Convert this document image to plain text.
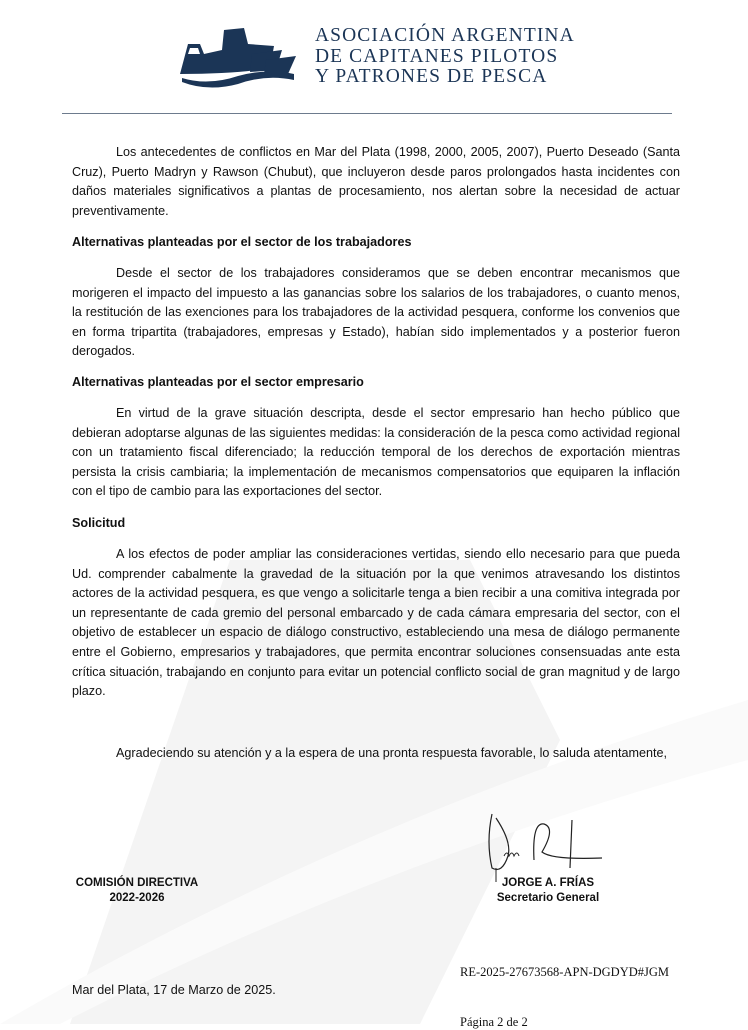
ASOCIACIÓN ARGENTINA
DE CAPITANES PILOTOS
Y PATRONES DE PESCA
Los antecedentes de conflictos en Mar del Plata (1998, 2000, 2005, 2007), Puerto Deseado (Santa Cruz), Puerto Madryn y Rawson (Chubut), que incluyeron desde paros prolongados hasta incidentes con daños materiales significativos a plantas de procesamiento, nos alertan sobre la necesidad de actuar preventivamente.
Alternativas planteadas por el sector de los trabajadores
Desde el sector de los trabajadores consideramos que se deben encontrar mecanismos que morigeren el impacto del impuesto a las ganancias sobre los salarios de los trabajadores, o cuanto menos, la restitución de las exenciones para los trabajadores de la actividad pesquera, conforme los convenios que en forma tripartita (trabajadores, empresas y Estado), habían sido implementados y a posterior fueron derogados.
Alternativas planteadas por el sector empresario
En virtud de la grave situación descripta, desde el sector empresario han hecho público que debieran adoptarse algunas de las siguientes medidas: la consideración de la pesca como actividad regional con un tratamiento fiscal diferenciado; la reducción temporal de los derechos de exportación mientras persista la crisis cambiaria; la implementación de mecanismos compensatorios que equiparen la inflación con el tipo de cambio para las exportaciones del sector.
Solicitud
A los efectos de poder ampliar las consideraciones vertidas, siendo ello necesario para que pueda Ud. comprender cabalmente la gravedad de la situación por la que venimos atravesando los distintos actores de la actividad pesquera, es que vengo a solicitarle tenga a bien recibir a una comitiva integrada por un representante de cada gremio del personal embarcado y de cada cámara empresaria del sector, con el objetivo de establecer un espacio de diálogo constructivo, estableciendo una mesa de diálogo permanente entre el Gobierno, empresarios y trabajadores, que permita encontrar soluciones consensuadas ante esta crítica situación, trabajando en conjunto para evitar un potencial conflicto social de gran magnitud y de largo plazo.
Agradeciendo su atención y a la espera de una pronta respuesta favorable, lo saluda atentamente,
COMISIÓN DIRECTIVA
2022-2026
JORGE A. FRÍAS
Secretario General
RE-2025-27673568-APN-DGDYD#JGM
Mar del Plata, 17 de Marzo de 2025.
Página 2 de 2
